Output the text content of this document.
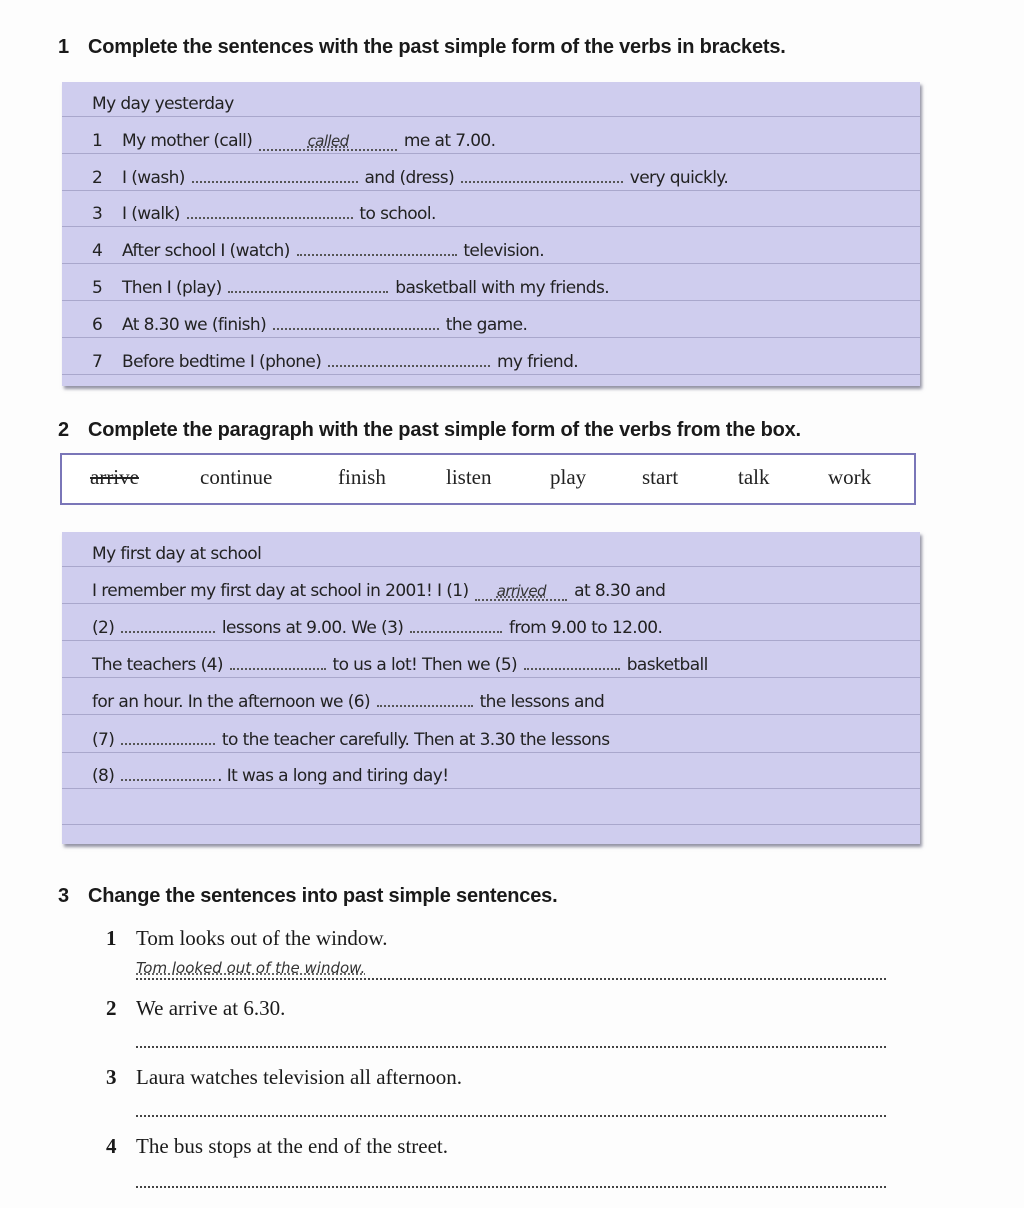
1 Complete the sentences with the past simple form of the verbs in brackets.
My day yesterday
1 My mother (call)	called	me at 7.00.
2 I (wash)	and (dress)	very quickly.
3 I (walk)	to school.
4 After school I (watch)	television.
5 Then I (play)	basketball with my friends.
6 At 8.30 we (finish)	the game.
7 Before bedtime I (phone)	my friend.
2 Complete the paragraph with the past simple form of the verbs from the box.
arrive	continue	finish	listen	play	start	talk	work
My first day at school
I remember my first day at school in 2001! I (1) arrived at 8.30 and
(2)	lessons at 9.00. We (3)	from 9.00 to 12.00.
The teachers (4)	to us a lot! Then we (5)	basketball
for an hour. In the afternoon we (6)	the lessons and
(7)	to the teacher carefully. Then at 3.30 the lessons
(8)	. It was a long and tiring day!
3 Change the sentences into past simple sentences.
1 Tom looks out of the window.
Tom looked out of the window.
2 We arrive at 6.30.
3 Laura watches television all afternoon.
4 The bus stops at the end of the street.
